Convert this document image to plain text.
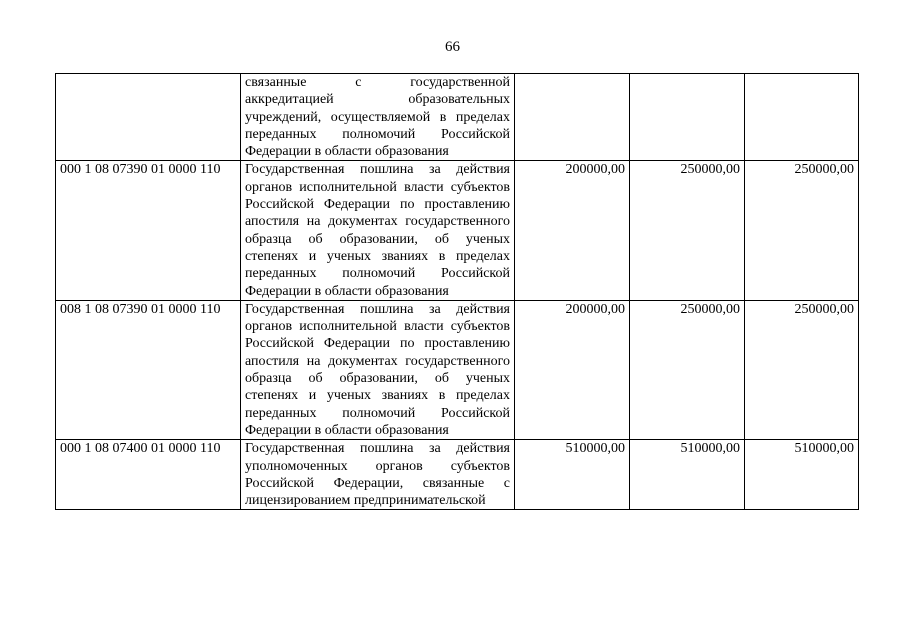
66
	связанные с государственной аккредитацией образовательных учреждений, осуществляемой в пределах переданных полномочий Российской Федерации в области образования			
000 1 08 07390 01 0000 110	Государственная пошлина за действия органов исполнительной власти субъектов Российской Федерации по проставлению апостиля на документах государственного образца об образовании, об ученых степенях и ученых званиях в пределах переданных полномочий Российской Федерации в области образования	200000,00	250000,00	250000,00
008 1 08 07390 01 0000 110	Государственная пошлина за действия органов исполнительной власти субъектов Российской Федерации по проставлению апостиля на документах государственного образца об образовании, об ученых степенях и ученых званиях в пределах переданных полномочий Российской Федерации в области образования	200000,00	250000,00	250000,00
000 1 08 07400 01 0000 110	Государственная пошлина за действия уполномоченных органов субъектов Российской Федерации, связанные с лицензированием предпринимательской	510000,00	510000,00	510000,00
